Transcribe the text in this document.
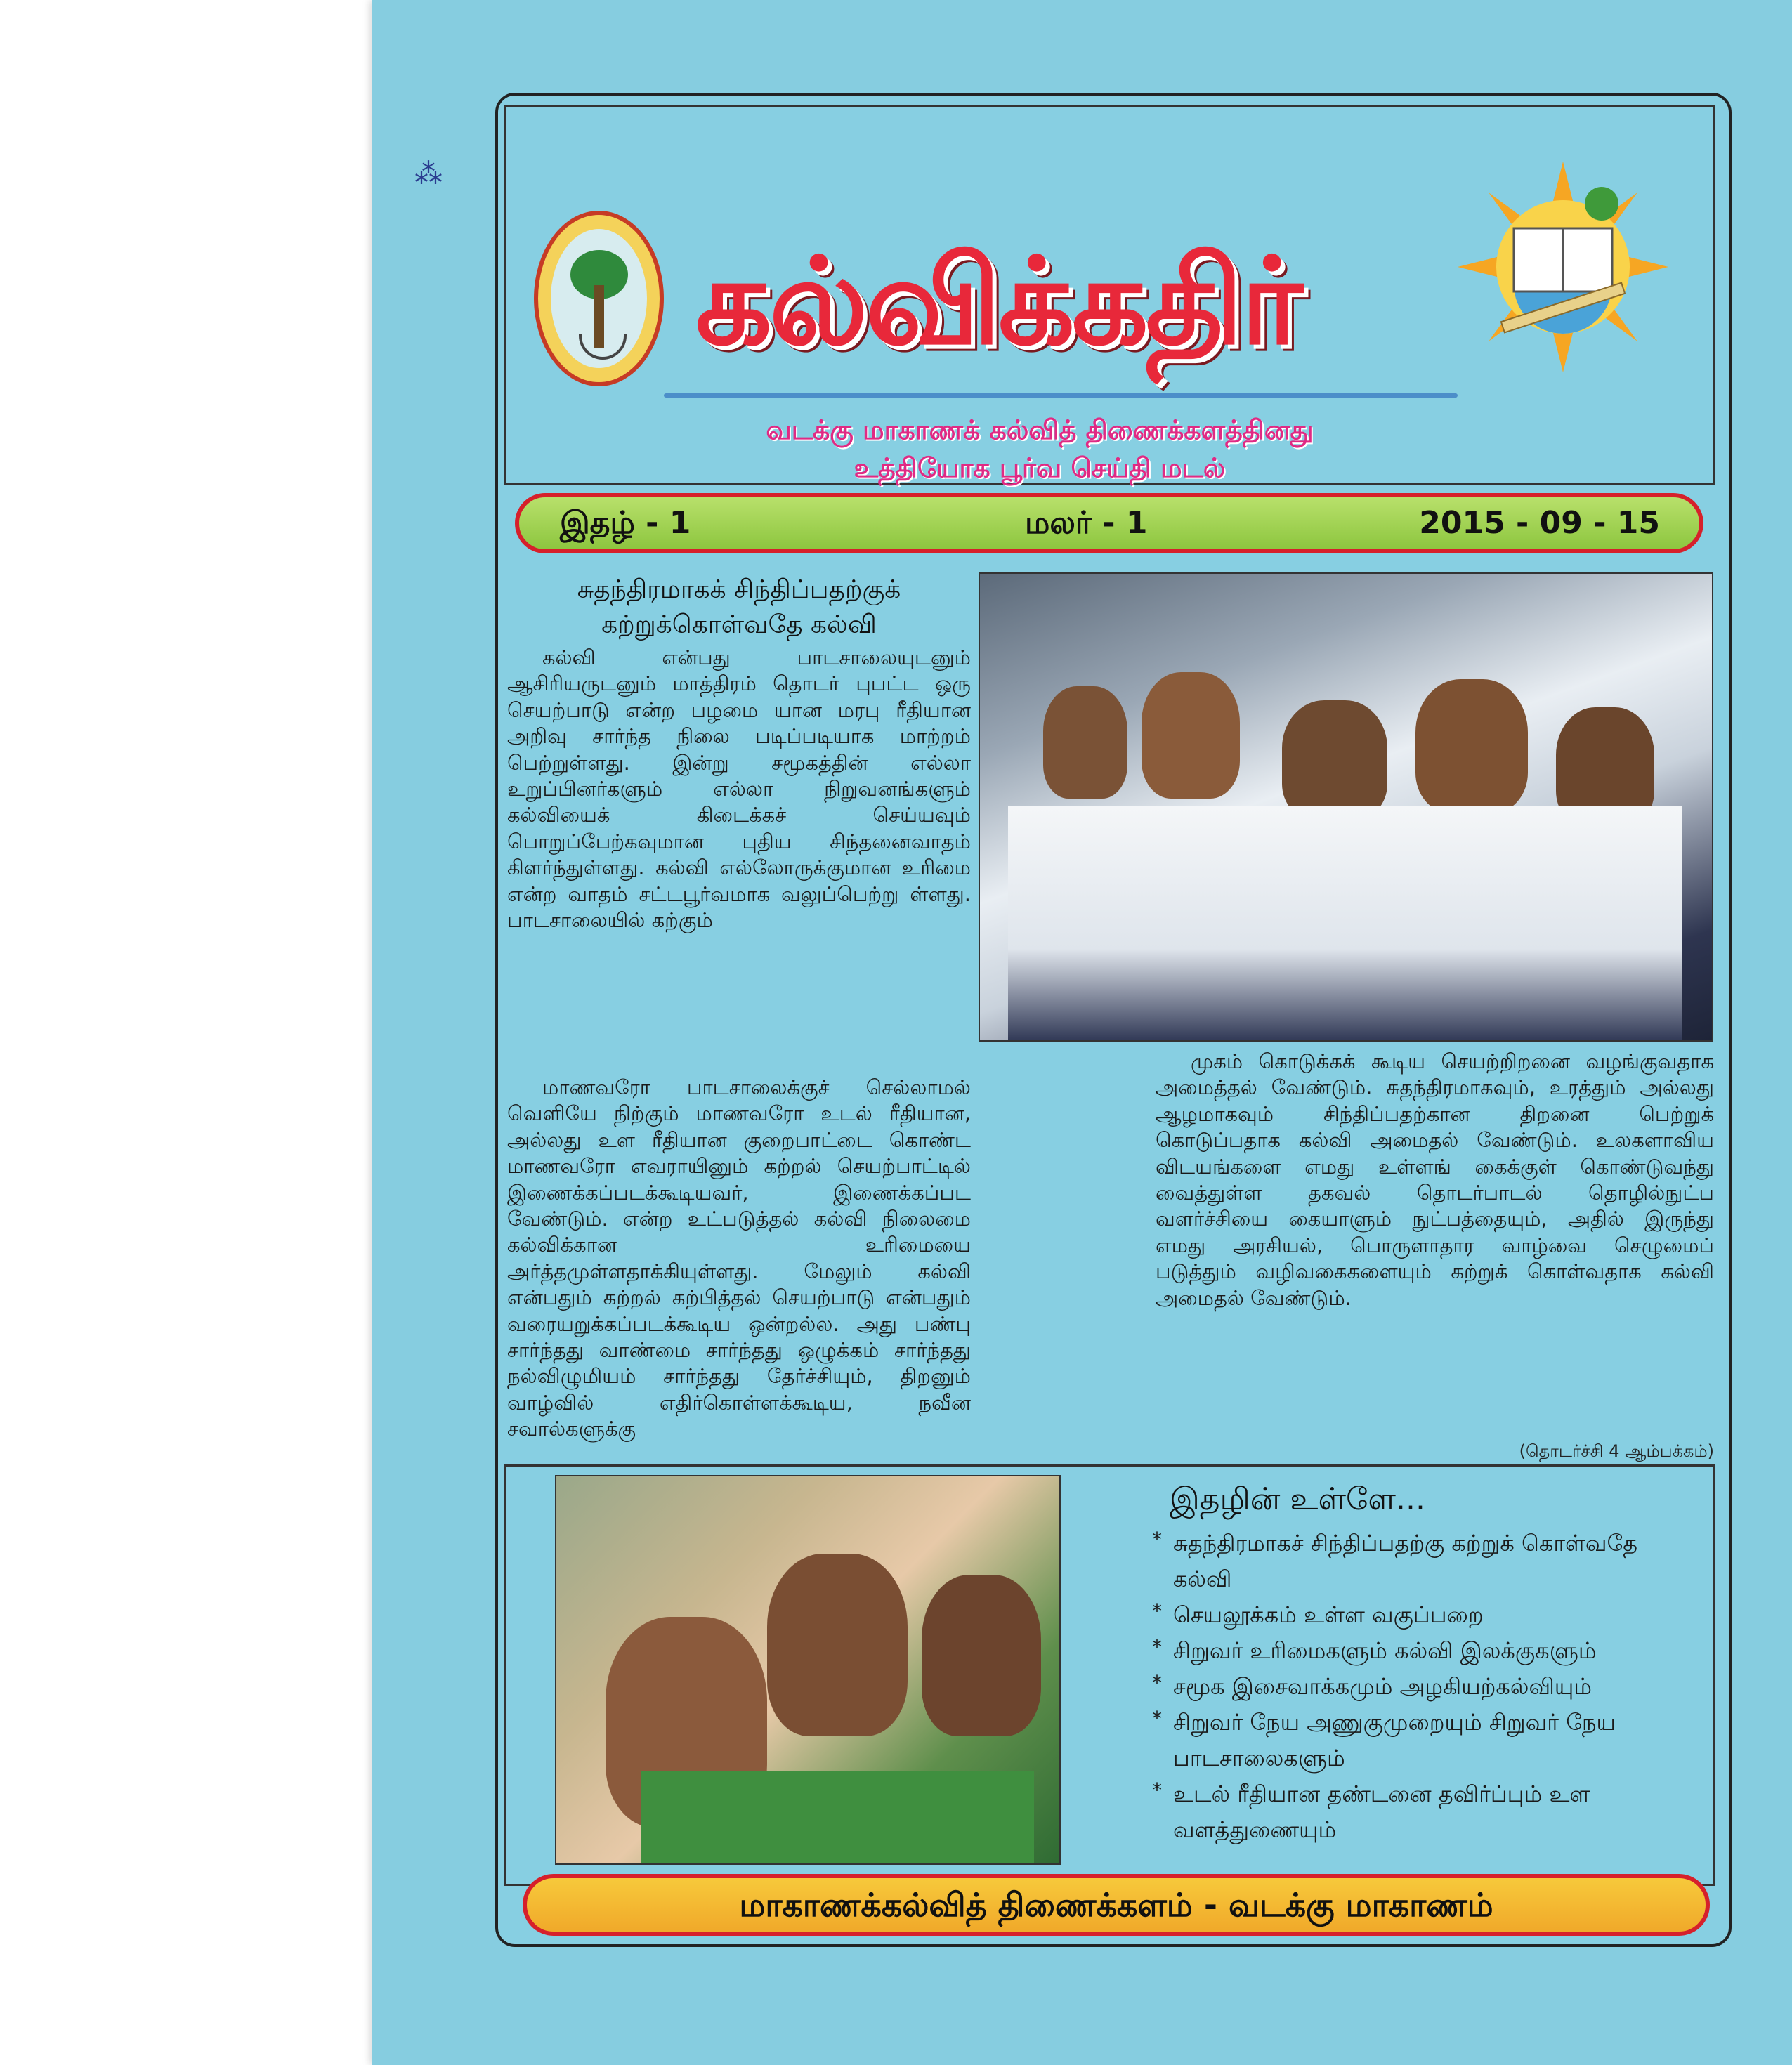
⁂
கல்விக்கதிர்
வடக்கு மாகாணக் கல்வித் திணைக்களத்தினது
உத்தியோக பூர்வ செய்தி மடல்
இதழ் - 1	மலர் - 1	2015 - 09 - 15
சுதந்திரமாகக் சிந்திப்பதற்குக்
கற்றுக்கொள்வதே கல்வி

கல்வி என்பது பாடசாலையுடனும் ஆசிரியருடனும் மாத்திரம் தொடர் புபட்ட ஒரு செயற்பாடு என்ற பழமை யான மரபு ரீதியான அறிவு சார்ந்த நிலை படிப்படியாக மாற்றம் பெற்றுள்ளது. இன்று சமூகத்தின் எல்லா உறுப்பினர்களும் எல்லா நிறுவனங்களும் கல்வியைக் கிடைக்கச் செய்யவும் பொறுப்பேற்கவுமான புதிய சிந்தனைவாதம் கிளர்ந்துள்ளது. கல்வி எல்லோருக்குமான உரிமை என்ற வாதம் சட்டபூர்வமாக வலுப்பெற்று ள்ளது. பாடசாலையில் கற்கும்

மாணவரோ பாடசாலைக்குச் செல்லாமல் வெளியே நிற்கும் மாணவரோ உடல் ரீதியான, அல்லது உள ரீதியான குறைபாட்டை கொண்ட மாணவரோ எவராயினும் கற்றல் செயற்பாட்டில் இணைக்கப்படக்கூடியவர், இணைக்கப்பட வேண்டும். என்ற உட்படுத்தல் கல்வி நிலைமை கல்விக்கான உரிமையை அர்த்தமுள்ளதாக்கியுள்ளது. மேலும் கல்வி என்பதும் கற்றல் கற்பித்தல் செயற்பாடு என்பதும் வரையறுக்கப்படக்கூடிய ஒன்றல்ல. அது பண்பு சார்ந்தது வாண்மை சார்ந்தது ஒழுக்கம் சார்ந்தது நல்விழுமியம் சார்ந்தது தேர்ச்சியும், திறனும் வாழ்வில் எதிர்கொள்ளக்கூடிய, நவீன சவால்களுக்கு

முகம் கொடுக்கக் கூடிய செயற்றிறனை வழங்குவதாக அமைத்தல் வேண்டும். சுதந்திரமாகவும், உரத்தும் அல்லது ஆழமாகவும் சிந்திப்பதற்கான திறனை பெற்றுக் கொடுப்பதாக கல்வி அமைதல் வேண்டும். உலகளாவிய விடயங்களை எமது உள்ளங் கைக்குள் கொண்டுவந்து வைத்துள்ள தகவல் தொடர்பாடல் தொழில்நுட்ப வளர்ச்சியை கையாளும் நுட்பத்தையும், அதில் இருந்து எமது அரசியல், பொருளாதார வாழ்வை செழுமைப் படுத்தும் வழிவகைகளையும் கற்றுக் கொள்வதாக கல்வி அமைதல் வேண்டும்.

(தொடர்ச்சி 4 ஆம்பக்கம்)
இதழின் உள்ளே...
* சுதந்திரமாகச் சிந்திப்பதற்கு கற்றுக் கொள்வதே கல்வி
* செயலூக்கம் உள்ள வகுப்பறை
* சிறுவர் உரிமைகளும் கல்வி இலக்குகளும்
* சமூக இசைவாக்கமும் அழகியற்கல்வியும்
* சிறுவர் நேய அணுகுமுறையும் சிறுவர் நேய பாடசாலைகளும்
* உடல் ரீதியான தண்டனை தவிர்ப்பும் உள வளத்துணையும்
மாகாணக்கல்வித் திணைக்களம் - வடக்கு மாகாணம்
